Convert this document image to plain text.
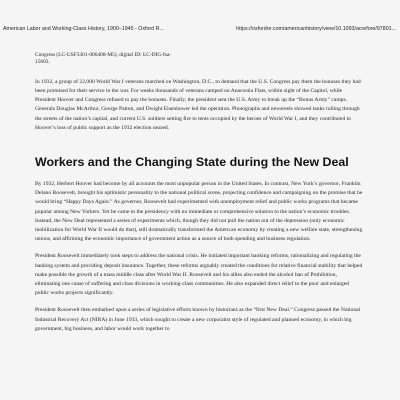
American Labor and Working-Class History, 1900–1945 - Oxford R...	https://oxfordre.com/americanhistory/view/10.1093/acrefore/97801...

Congress (LC-USF3301-006408-M5), digital ID: LC-DIG-fsa-15603.

In 1932, a group of 22,000 World War I veterans marched on Washington, D.C., to demand that the U.S. Congress pay them the bonuses they had been promised for their service in the war. For weeks thousands of veterans camped on Anacostia Flats, within sight of the Capitol, while President Hoover and Congress refused to pay the bonuses. Finally, the president sent the U.S. Army to break up the “Bonus Army” camps. Generals Douglas McArthur, George Patton, and Dwight Eisenhower led the operation. Photographs and newsreels showed tanks rolling through the streets of the nation’s capital, and current U.S. soldiers setting fire to tents occupied by the heroes of World War I, and they contributed to Hoover’s loss of public support as the 1932 election neared.

Workers and the Changing State during the New Deal

By 1932, Herbert Hoover had become by all accounts the most unpopular person in the United States. In contrast, New York’s governor, Franklin Delano Roosevelt, brought his optimistic personality to the national political scene, projecting confidence and campaigning on the promise that he would bring “Happy Days Again.” As governor, Roosevelt had experimented with unemployment relief and public works programs that became popular among New Yorkers. Yet he came to the presidency with no immediate or comprehensive solution to the nation’s economic troubles. Instead, the New Deal represented a series of experiments which, though they did not pull the nation out of the depression (only economic mobilization for World War II would do that), still dramatically transformed the American economy by creating a new welfare state, strengthening unions, and affirming the economic importance of government action as a source of both spending and business regulation.

President Roosevelt immediately took steps to address the national crisis. He initiated important banking reforms, rationalizing and regulating the banking system and providing deposit insurance. Together, these reforms arguably created the conditions for relative financial stability that helped make possible the growth of a mass middle class after World War II. Roosevelt and his allies also ended the alcohol ban of Prohibition, eliminating one cause of suffering and class divisions in working-class communities. He also expanded direct relief to the poor and enlarged public works projects significantly.

President Roosevelt then embarked upon a series of legislative efforts known by historians as the “first New Deal.” Congress passed the National Industrial Recovery Act (NIRA) in June 1933, which sought to create a new corporatist style of regulated and planned economy, in which big government, big business, and labor would work together to
